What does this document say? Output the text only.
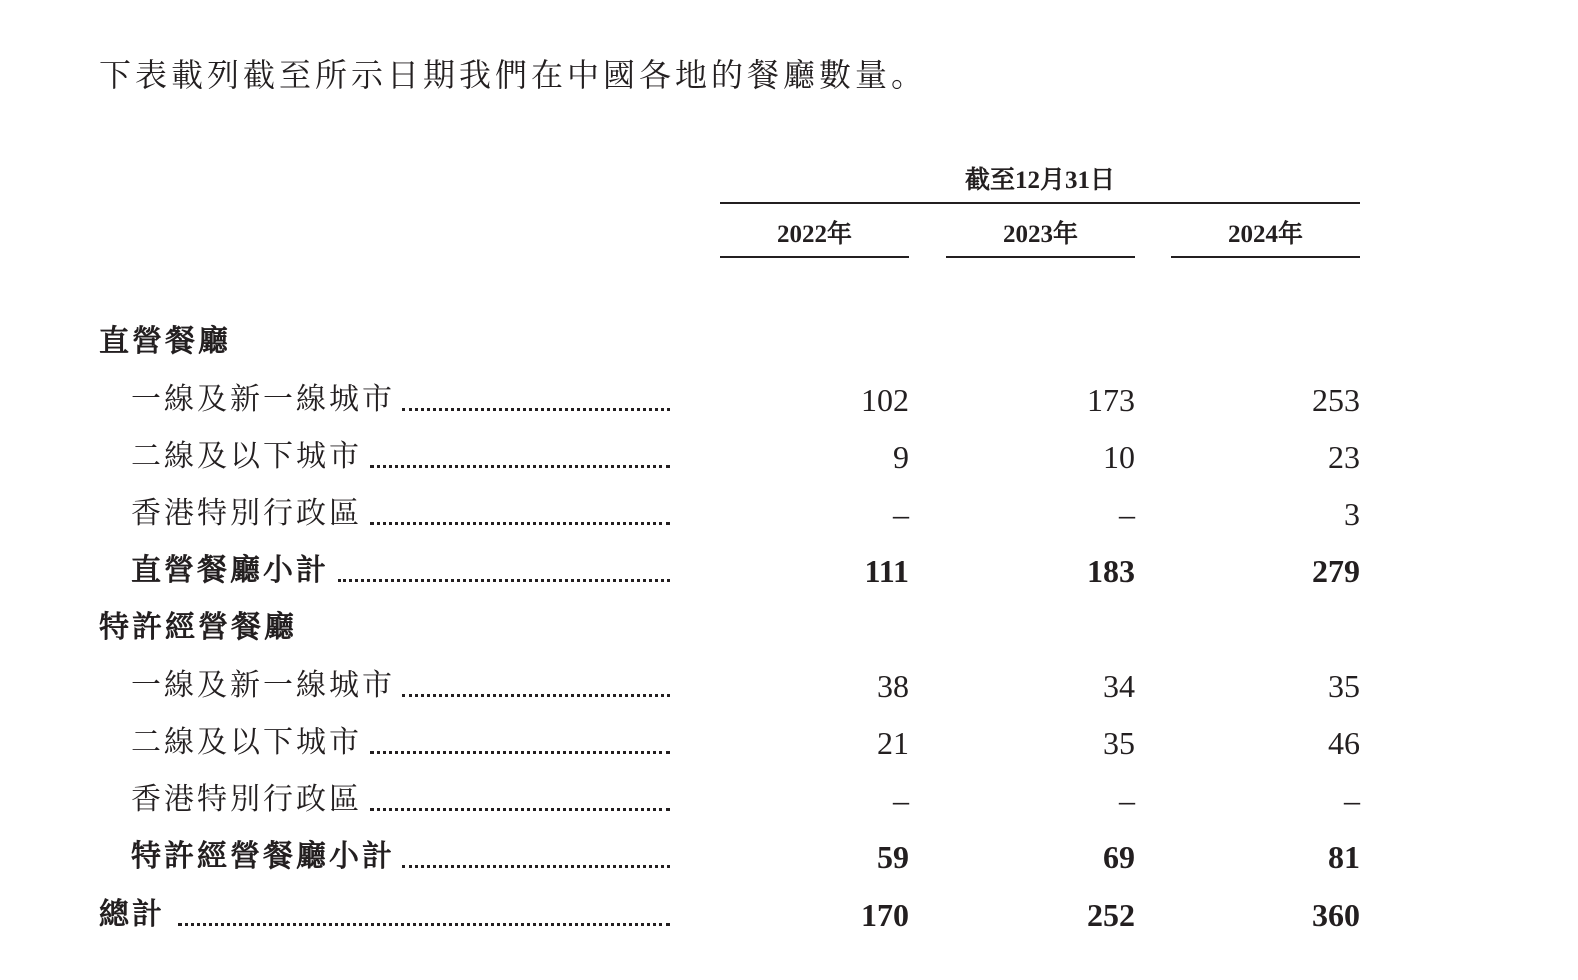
下表載列截至所示日期我們在中國各地的餐廳數量。
截至12月31日
2022年	2023年	2024年
直營餐廳
一線及新一線城市	102	173	253
二線及以下城市	9	10	23
香港特別行政區	–	–	3
直營餐廳小計	111	183	279
特許經營餐廳
一線及新一線城市	38	34	35
二線及以下城市	21	35	46
香港特別行政區	–	–	–
特許經營餐廳小計	59	69	81
總計	170	252	360
